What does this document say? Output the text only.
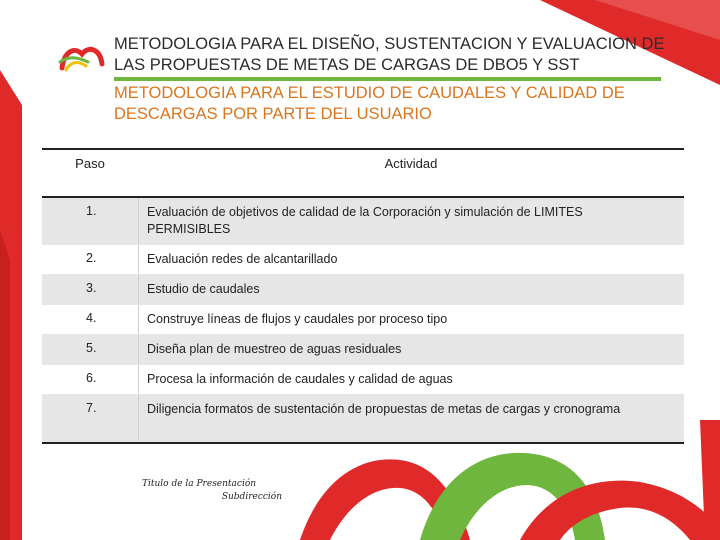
METODOLOGIA PARA EL DISEÑO, SUSTENTACION Y EVALUACION DE LAS PROPUESTAS DE METAS DE CARGAS DE DBO5 Y SST
METODOLOGIA PARA EL ESTUDIO DE CAUDALES Y CALIDAD DE DESCARGAS POR PARTE DEL USUARIO
Paso	Actividad
1.	Evaluación de objetivos de calidad de la Corporación y simulación de LIMITES PERMISIBLES
2.	Evaluación redes de alcantarillado
3.	Estudio de caudales
4.	Construye líneas de flujos y caudales por proceso tipo
5.	Diseña plan de muestreo de aguas residuales
6.	Procesa la información de caudales y calidad de aguas
7.	Diligencia formatos de sustentación de propuestas de metas de cargas y cronograma
Titulo de la Presentación
Subdirección
